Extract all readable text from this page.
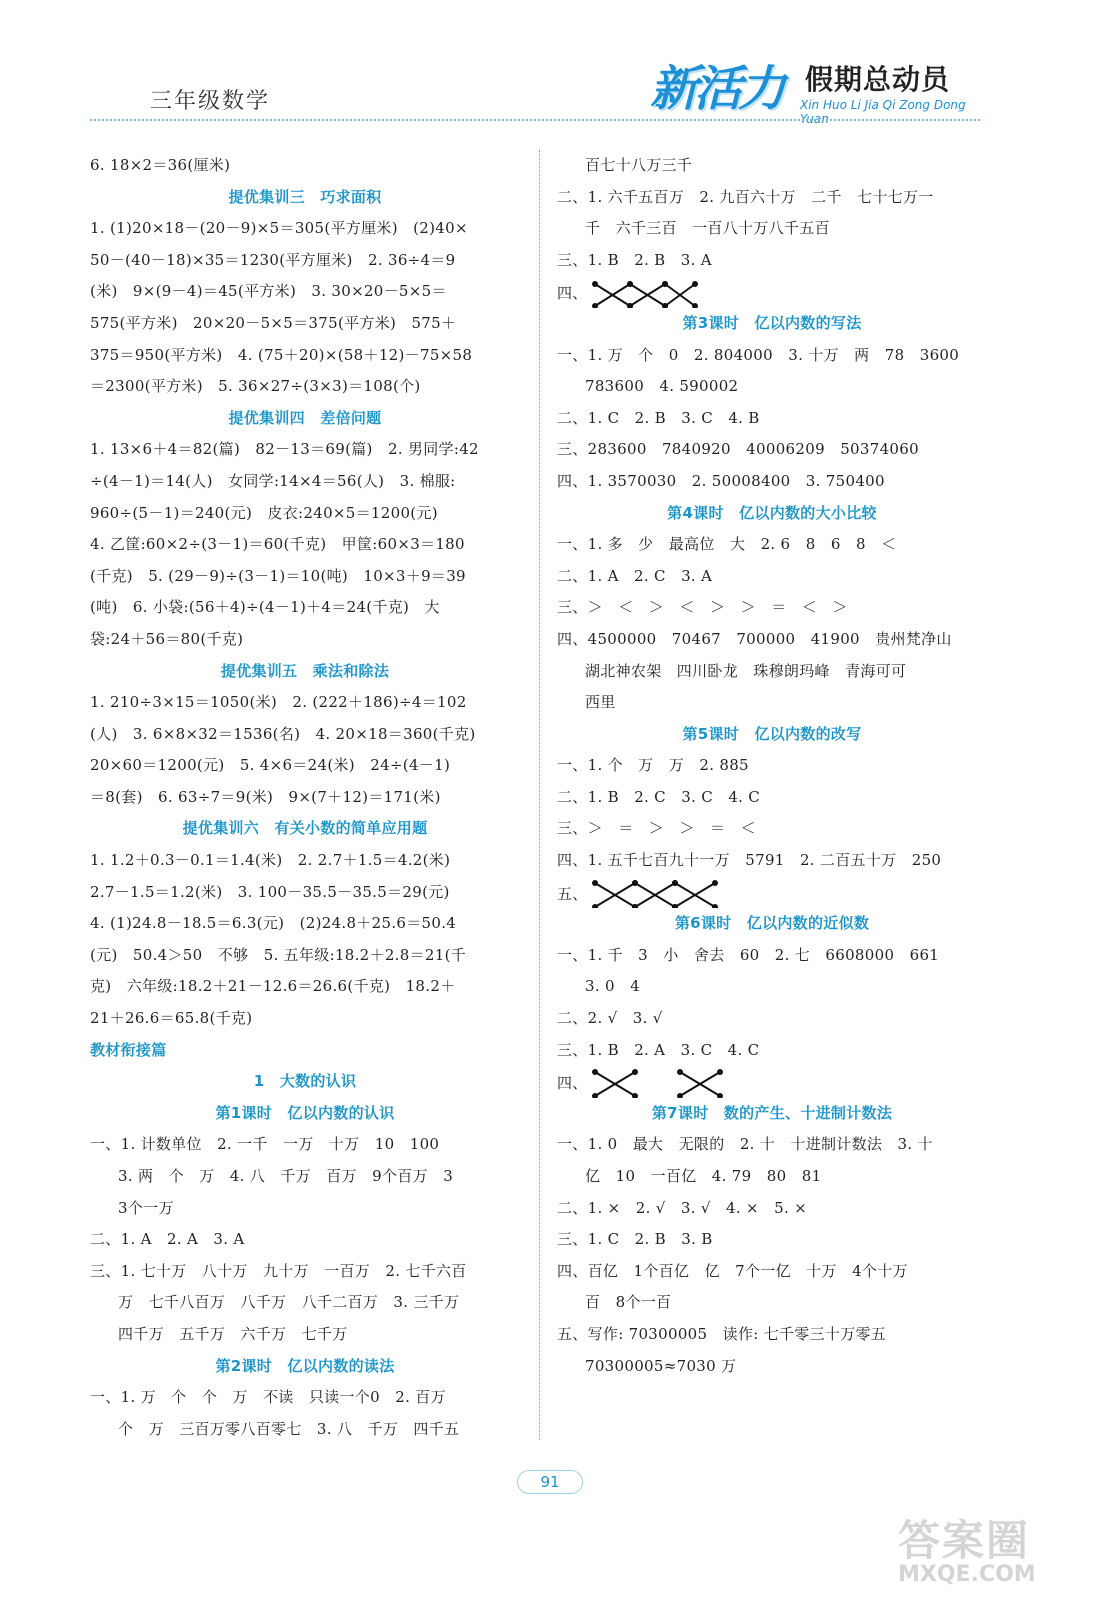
三年级数学	新活力 假期总动员
Xin Huo Li Jia Qi Zong Dong Yuan
6. 18×2＝36(厘米)
提优集训三　巧求面积
1. (1)20×18－(20－9)×5＝305(平方厘米)　(2)40×
50－(40－18)×35＝1230(平方厘米)　2. 36÷4＝9
(米)　9×(9－4)＝45(平方米)　3. 30×20－5×5＝
575(平方米)　20×20－5×5＝375(平方米)　575＋
375＝950(平方米)　4. (75＋20)×(58＋12)－75×58
＝2300(平方米)　5. 36×27÷(3×3)＝108(个)
提优集训四　差倍问题
1. 13×6＋4＝82(篇)　82－13＝69(篇)　2. 男同学:42
÷(4－1)＝14(人)　女同学:14×4＝56(人)　3. 棉服:
960÷(5－1)＝240(元)　皮衣:240×5＝1200(元)
4. 乙筐:60×2÷(3－1)＝60(千克)　甲筐:60×3＝180
(千克)　5. (29－9)÷(3－1)＝10(吨)　10×3＋9＝39
(吨)　6. 小袋:(56＋4)÷(4－1)＋4＝24(千克)　大
袋:24＋56＝80(千克)
提优集训五　乘法和除法
1. 210÷3×15＝1050(米)　2. (222＋186)÷4＝102
(人)　3. 6×8×32＝1536(名)　4. 20×18＝360(千克)
20×60＝1200(元)　5. 4×6＝24(米)　24÷(4－1)
＝8(套)　6. 63÷7＝9(米)　9×(7＋12)＝171(米)
提优集训六　有关小数的简单应用题
1. 1.2＋0.3－0.1＝1.4(米)　2. 2.7＋1.5＝4.2(米)
2.7－1.5＝1.2(米)　3. 100－35.5－35.5＝29(元)
4. (1)24.8－18.5＝6.3(元)　(2)24.8＋25.6＝50.4
(元)　50.4＞50　不够　5. 五年级:18.2＋2.8＝21(千
克)　六年级:18.2＋21－12.6＝26.6(千克)　18.2＋
21＋26.6＝65.8(千克)
教材衔接篇
1　大数的认识
第1课时　亿以内数的认识
一、1. 计数单位　2. 一千　一万　十万　10　100
3. 两　个　万　4. 八　千万　百万　9个百万　3
3个一万
二、1. A　2. A　3. A
三、1. 七十万　八十万　九十万　一百万　2. 七千六百
万　七千八百万　八千万　八千二百万　3. 三千万
四千万　五千万　六千万　七千万
第2课时　亿以内数的读法
一、1. 万　个　个　万　不读　只读一个0　2. 百万
个　万　三百万零八百零七　3. 八　千万　四千五
百七十八万三千
二、1. 六千五百万　2. 九百六十万　二千　七十七万一
千　六千三百　一百八十万八千五百
三、1. B　2. B　3. A
四、
第3课时　亿以内数的写法
一、1. 万　个　0　2. 804000　3. 十万　两　78　3600
783600　4. 590002
二、1. C　2. B　3. C　4. B
三、283600　7840920　40006209　50374060
四、1. 3570030　2. 50008400　3. 750400
第4课时　亿以内数的大小比较
一、1. 多　少　最高位　大　2. 6　8　6　8　＜
二、1. A　2. C　3. A
三、＞　＜　＞　＜　＞　＞　＝　＜　＞
四、4500000　70467　700000　41900　贵州梵净山
湖北神农架　四川卧龙　珠穆朗玛峰　青海可可
西里
第5课时　亿以内数的改写
一、1. 个　万　万　2. 885
二、1. B　2. C　3. C　4. C
三、＞　＝　＞　＞　＝　＜
四、1. 五千七百九十一万　5791　2. 二百五十万　250
五、
第6课时　亿以内数的近似数
一、1. 千　3　小　舍去　60　2. 七　6608000　661
3. 0　4
二、2. √　3. √
三、1. B　2. A　3. C　4. C
四、
第7课时　数的产生、十进制计数法
一、1. 0　最大　无限的　2. 十　十进制计数法　3. 十
亿　10　一百亿　4. 79　80　81
二、1. ×　2. √　3. √　4. ×　5. ×
三、1. C　2. B　3. B
四、百亿　1个百亿　亿　7个一亿　十万　4个十万
百　8个一百
五、写作: 70300005　读作: 七千零三十万零五
70300005≈7030 万
91
答案圈
MXQE.COM
